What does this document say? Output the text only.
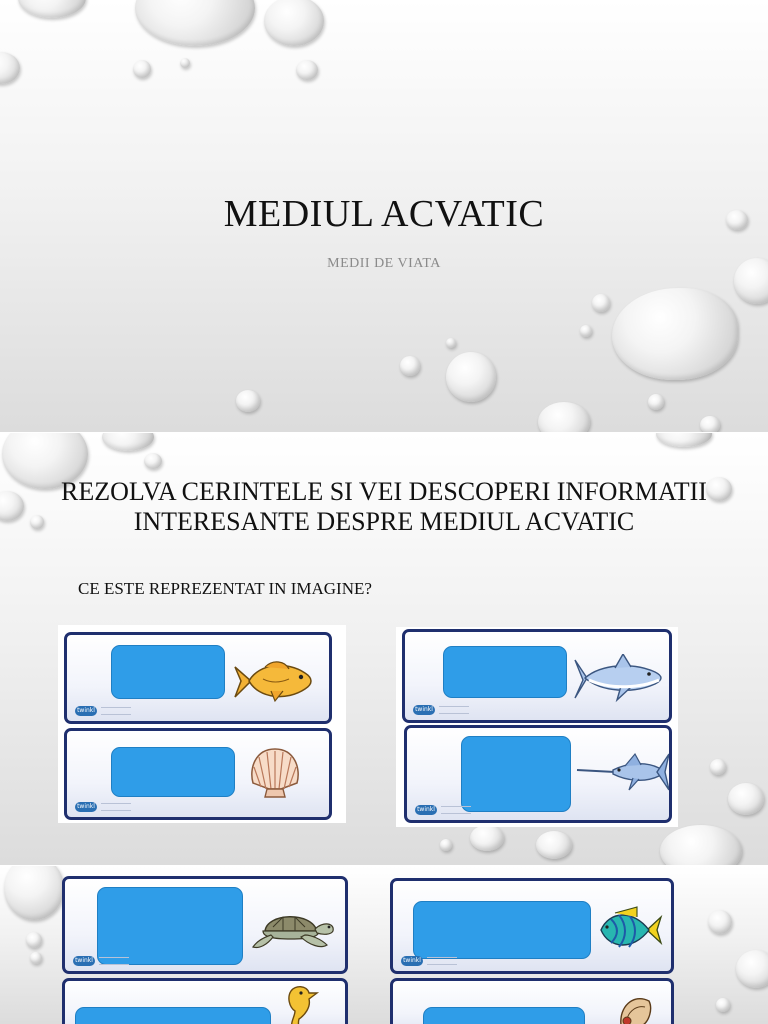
MEDIUL ACVATIC
MEDII DE VIATA
REZOLVA CERINTELE SI VEI DESCOPERI INFORMATII INTERESANTE DESPRE MEDIUL ACVATIC
CE ESTE REPREZENTAT IN IMAGINE?
twinkl
twinkl
twinkl
twinkl
twinkl	twinkl
